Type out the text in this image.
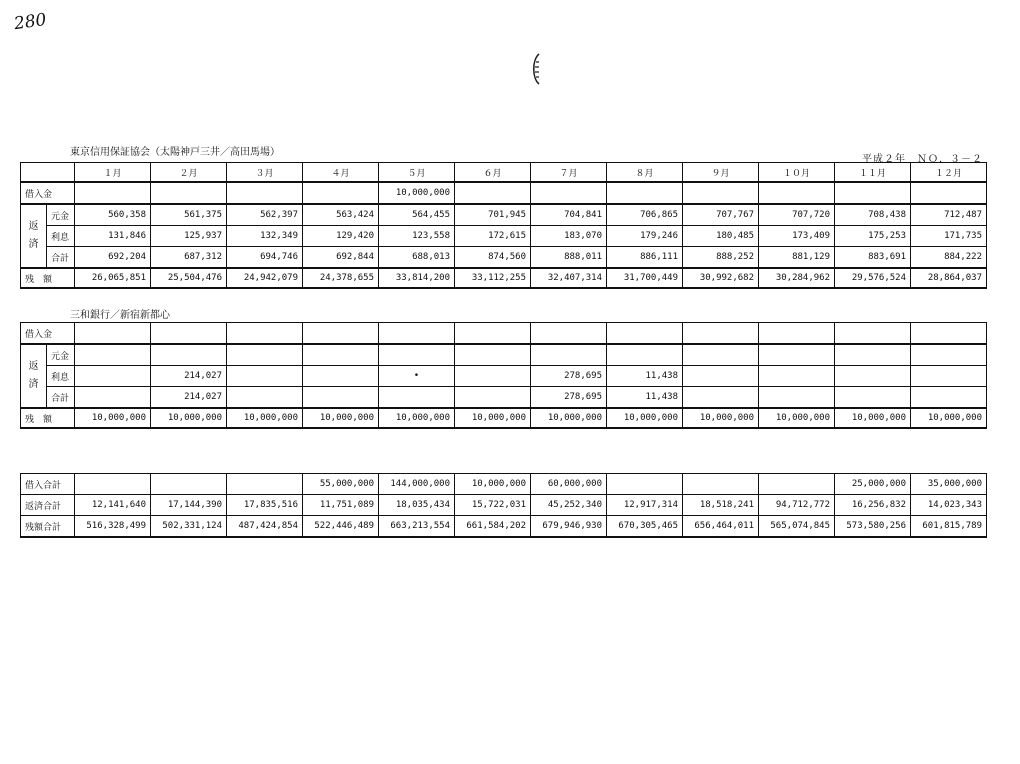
280
東京信用保証協会（太陽神戸三井／高田馬場）
平成２年　ＮＯ．３－２
		１月	２月	３月	４月	５月	６月	７月	８月	９月	１０月	１１月	１２月
借入金						10,000,000							
返済	元金	560,358	561,375	562,397	563,424	564,455	701,945	704,841	706,865	707,767	707,720	708,438	712,487
	利息	131,846	125,937	132,349	129,420	123,558	172,615	183,070	179,246	180,485	173,409	175,253	171,735
	合計	692,204	687,312	694,746	692,844	688,013	874,560	888,011	886,111	888,252	881,129	883,691	884,222
残　額		26,065,851	25,504,476	24,942,079	24,378,655	33,814,200	33,112,255	32,407,314	31,700,449	30,992,682	30,284,962	29,576,524	28,864,037
三和銀行／新宿新都心
借入金													
返済	元金												
	利息		214,027			•		278,695	11,438				
	合計		214,027					278,695	11,438				
残　額		10,000,000	10,000,000	10,000,000	10,000,000	10,000,000	10,000,000	10,000,000	10,000,000	10,000,000	10,000,000	10,000,000	10,000,000
借入合計				55,000,000	144,000,000	10,000,000	60,000,000				25,000,000	35,000,000
返済合計	12,141,640	17,144,390	17,835,516	11,751,089	18,035,434	15,722,031	45,252,340	12,917,314	18,518,241	94,712,772	16,256,832	14,023,343
残額合計	516,328,499	502,331,124	487,424,854	522,446,489	663,213,554	661,584,202	679,946,930	670,305,465	656,464,011	565,074,845	573,580,256	601,815,789
